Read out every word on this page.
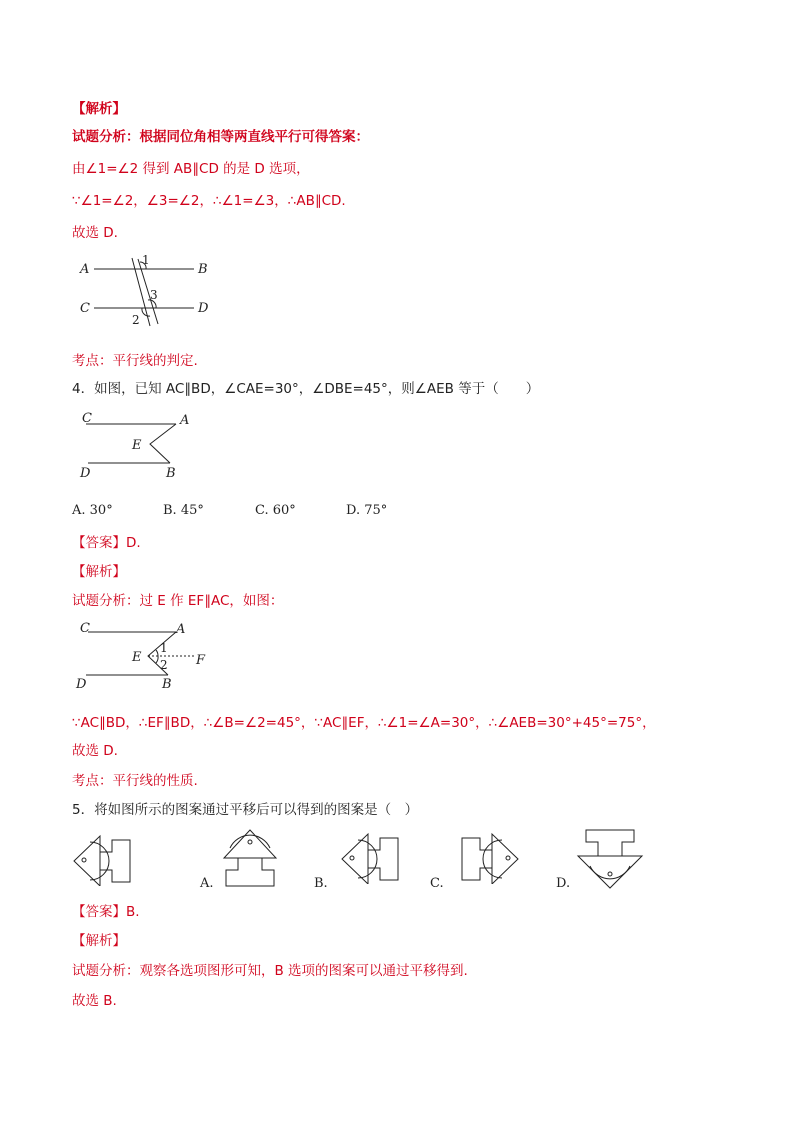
【解析】
试题分析：根据同位角相等两直线平行可得答案：
由∠1=∠2 得到 AB∥CD 的是 D 选项，
∵∠1=∠2，∠3=∠2，∴∠1=∠3，∴AB∥CD.
故选 D.
A	B
C	D
1
3
2
考点：平行线的判定.
4．如图，已知 AC∥BD，∠CAE=30°，∠DBE=45°，则∠AEB 等于（　　）
C	A
E
D	B
A. 30°	B. 45°	C. 60°	D. 75°
【答案】D.
【解析】
试题分析：过 E 作 EF∥AC，如图：
C	A
E	F
D	B
1
2
∵AC∥BD，∴EF∥BD，∴∠B=∠2=45°，∵AC∥EF，∴∠1=∠A=30°，∴∠AEB=30°+45°=75°，
故选 D.
考点：平行线的性质.
5．将如图所示的图案通过平移后可以得到的图案是（　）
A.	B.	C.	D.
【答案】B.
【解析】
试题分析：观察各选项图形可知，B 选项的图案可以通过平移得到.
故选 B.
